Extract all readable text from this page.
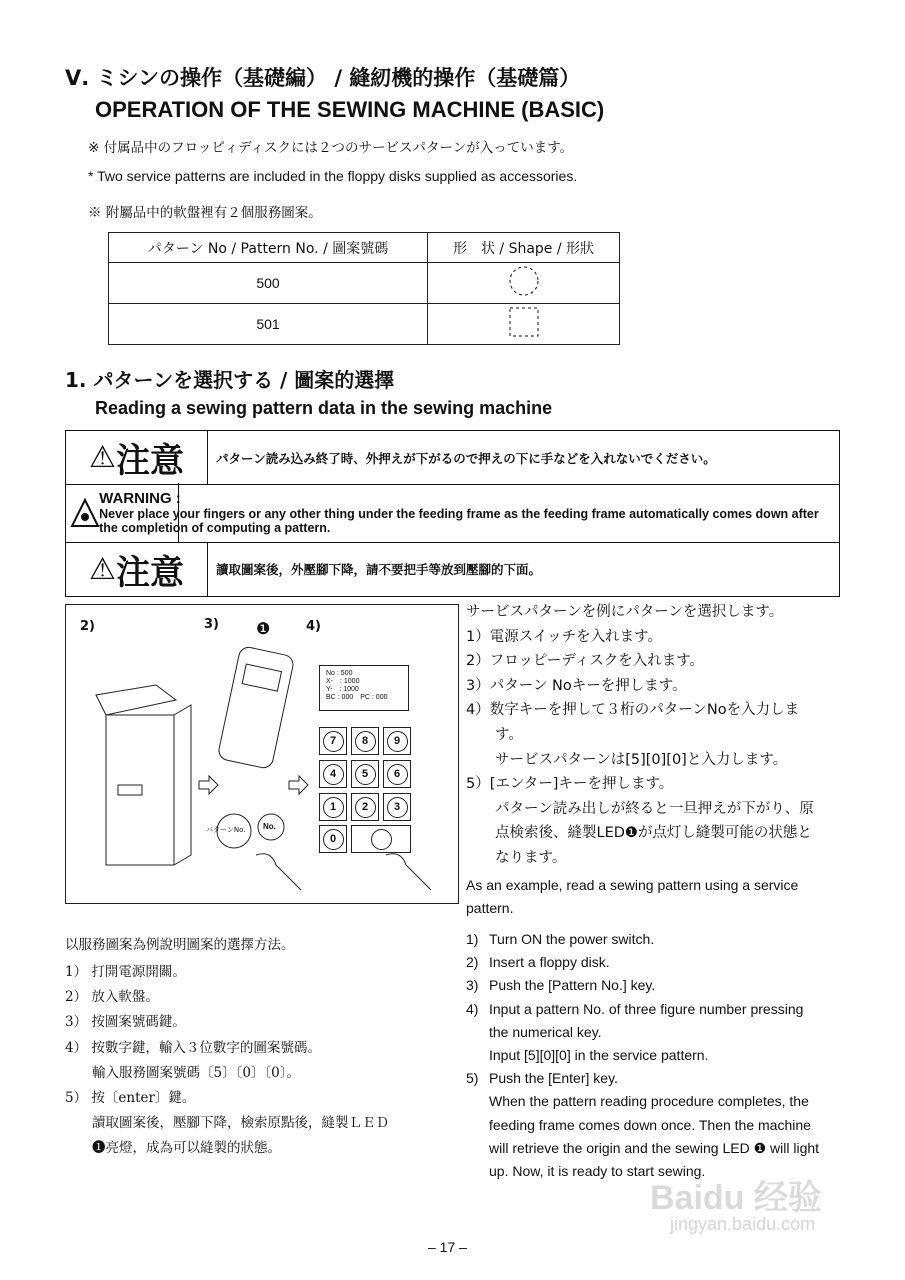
Ⅴ. ミシンの操作（基礎編） / 縫紉機的操作（基礎篇）
OPERATION OF THE SEWING MACHINE (BASIC)
※ 付属品中のフロッピィディスクには２つのサービスパターンが入っています。
* Two service patterns are included in the floppy disks supplied as accessories.
※ 附屬品中的軟盤裡有２個服務圖案。
パターン No / Pattern No. / 圖案號碼	形　状 / Shape / 形狀
500	
501	
1. パターンを選択する / 圖案的選擇
Reading a sewing pattern data in the sewing machine
⚠ 注意	パターン読み込み終了時、外押えが下がるので押えの下に手などを入れないでください。
WARNING :
Never place your fingers or any other thing under the feeding frame as the feeding frame automatically comes down after the completion of computing a pattern.
⚠ 注意	讀取圖案後，外壓腳下降，請不要把手等放到壓腳的下面。
2)	3)	4)
❶
パターンNo. No.
No : 500
X-　: 1000
Y-　: 1000
BC : 000　PC : 000
7	8	9
4	5	6
1	2	3
0
As an example, read a sewing pattern using a service
pattern.
– 17 –
Baidu 经验
jingyan.baidu.com
サービスパターンを例にパターンを選択します。
1）電源スイッチを入れます。
2）フロッピーディスクを入れます。
3）パターン Noキーを押します。
4）数字キーを押して３桁のパターンNoを入力しま
　　す。
　　サービスパターンは[5][0][0]と入力します。
5）[エンター]キーを押します。
　　パターン読み出しが終ると一旦押えが下がり、原
　　点検索後、縫製LED❶が点灯し縫製可能の状態と
　　なります。
1) Turn ON the power switch.
2) Insert a floppy disk.
3) Push the [Pattern No.] key.
4) Input a pattern No. of three figure number pressing
the numerical key.
Input [5][0][0] in the service pattern.
5) Push the [Enter] key.
When the pattern reading procedure completes, the
feeding frame comes down once. Then the machine
will retrieve the origin and the sewing LED ❶ will light
up. Now, it is ready to start sewing.
以服務圖案為例說明圖案的選擇方法。
1） 打開電源開關。
2） 放入軟盤。
3） 按圖案號碼鍵。
4） 按數字鍵，輸入３位數字的圖案號碼。
　　輸入服務圖案號碼〔5〕〔0〕〔0〕。
5） 按〔enter〕鍵。
　　讀取圖案後，壓腳下降，檢索原點後，縫製ＬＥＤ
　　❶亮燈，成為可以縫製的狀態。
